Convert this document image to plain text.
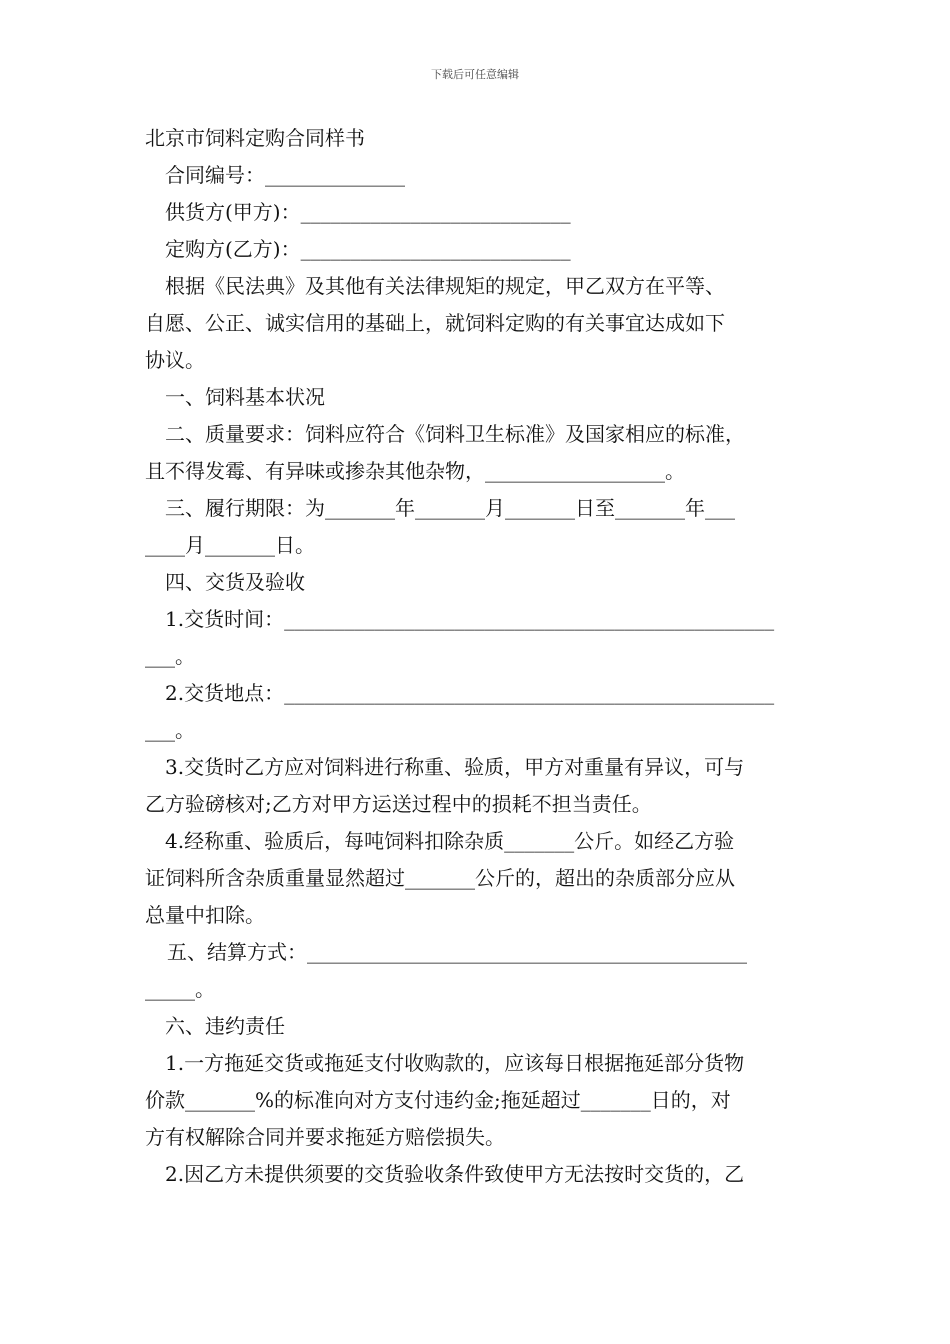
下载后可任意编辑
北京市饲料定购合同样书
合同编号：______________
供货方(甲方)：___________________________
定购方(乙方)：___________________________
根据《民法典》及其他有关法律规矩的规定，甲乙双方在平等、
自愿、公正、诚实信用的基础上，就饲料定购的有关事宜达成如下
协议。
一、饲料基本状况
二、质量要求：饲料应符合《饲料卫生标准》及国家相应的标准，
且不得发霉、有异味或掺杂其他杂物，__________________。
三、履行期限：为_______年_______月_______日至_______年___
____月_______日。
四、交货及验收
1.交货时间：_________________________________________________
___。
2.交货地点：_________________________________________________
___。
3.交货时乙方应对饲料进行称重、验质，甲方对重量有异议，可与
乙方验磅核对;乙方对甲方运送过程中的损耗不担当责任。
4.经称重、验质后，每吨饲料扣除杂质_______公斤。如经乙方验
证饲料所含杂质重量显然超过_______公斤的，超出的杂质部分应从
总量中扣除。
五、结算方式：____________________________________________
_____。
六、违约责任
1.一方拖延交货或拖延支付收购款的，应该每日根据拖延部分货物
价款_______%的标准向对方支付违约金;拖延超过_______日的，对
方有权解除合同并要求拖延方赔偿损失。
2.因乙方未提供须要的交货验收条件致使甲方无法按时交货的，乙
